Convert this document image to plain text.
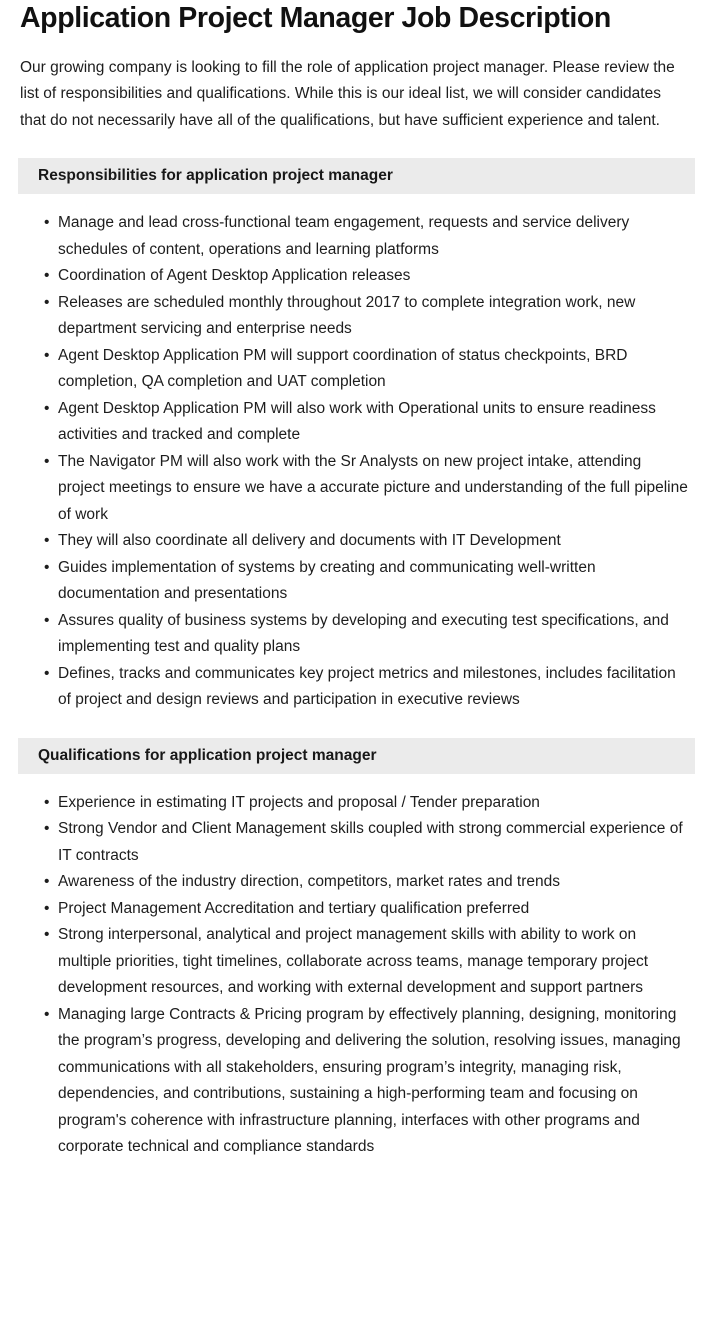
Application Project Manager Job Description

Our growing company is looking to fill the role of application project manager. Please review the list of responsibilities and qualifications. While this is our ideal list, we will consider candidates that do not necessarily have all of the qualifications, but have sufficient experience and talent.

Responsibilities for application project manager
• Manage and lead cross-functional team engagement, requests and service delivery schedules of content, operations and learning platforms
• Coordination of Agent Desktop Application releases
• Releases are scheduled monthly throughout 2017 to complete integration work, new department servicing and enterprise needs
• Agent Desktop Application PM will support coordination of status checkpoints, BRD completion, QA completion and UAT completion
• Agent Desktop Application PM will also work with Operational units to ensure readiness activities and tracked and complete
• The Navigator PM will also work with the Sr Analysts on new project intake, attending project meetings to ensure we have a accurate picture and understanding of the full pipeline of work
• They will also coordinate all delivery and documents with IT Development
• Guides implementation of systems by creating and communicating well-written documentation and presentations
• Assures quality of business systems by developing and executing test specifications, and implementing test and quality plans
• Defines, tracks and communicates key project metrics and milestones, includes facilitation of project and design reviews and participation in executive reviews
Qualifications for application project manager
• Experience in estimating IT projects and proposal / Tender preparation
• Strong Vendor and Client Management skills coupled with strong commercial experience of IT contracts
• Awareness of the industry direction, competitors, market rates and trends
• Project Management Accreditation and tertiary qualification preferred
• Strong interpersonal, analytical and project management skills with ability to work on multiple priorities, tight timelines, collaborate across teams, manage temporary project development resources, and working with external development and support partners
• Managing large Contracts & Pricing program by effectively planning, designing, monitoring the program’s progress, developing and delivering the solution, resolving issues, managing communications with all stakeholders, ensuring program’s integrity, managing risk, dependencies, and contributions, sustaining a high-performing team and focusing on program's coherence with infrastructure planning, interfaces with other programs and corporate technical and compliance standards
